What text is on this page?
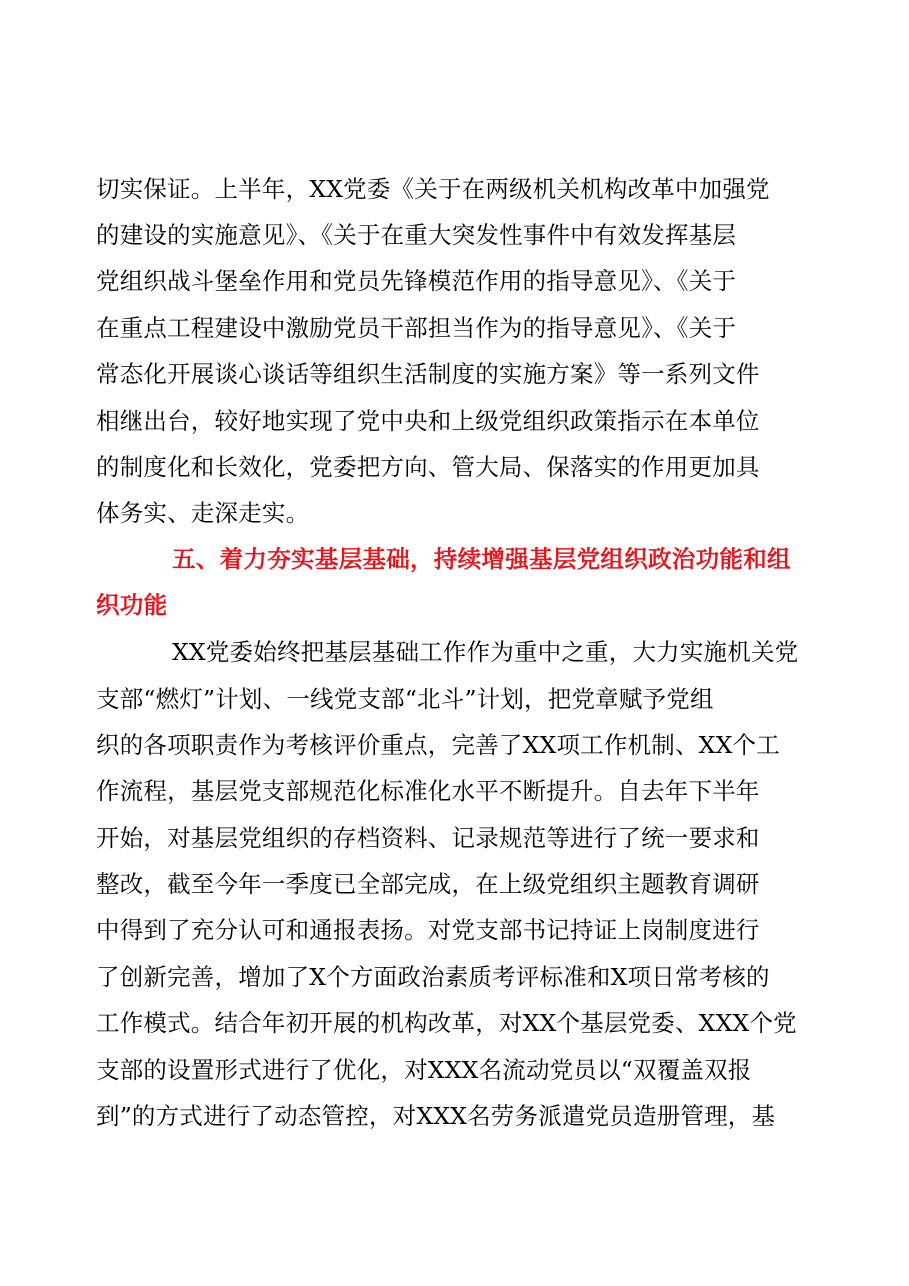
切实保证。上半年，XX党委《关于在两级机关机构改革中加强党
的建设的实施意见》、《关于在重大突发性事件中有效发挥基层
党组织战斗堡垒作用和党员先锋模范作用的指导意见》、《关于
在重点工程建设中激励党员干部担当作为的指导意见》、《关于
常态化开展谈心谈话等组织生活制度的实施方案》等一系列文件
相继出台，较好地实现了党中央和上级党组织政策指示在本单位
的制度化和长效化，党委把方向、管大局、保落实的作用更加具
体务实、走深走实。
五、着力夯实基层基础，持续增强基层党组织政治功能和组
织功能
XX党委始终把基层基础工作作为重中之重，大力实施机关党
支部“燃灯”计划、一线党支部“北斗”计划，把党章赋予党组
织的各项职责作为考核评价重点，完善了XX项工作机制、XX个工
作流程，基层党支部规范化标准化水平不断提升。自去年下半年
开始，对基层党组织的存档资料、记录规范等进行了统一要求和
整改，截至今年一季度已全部完成，在上级党组织主题教育调研
中得到了充分认可和通报表扬。对党支部书记持证上岗制度进行
了创新完善，增加了X个方面政治素质考评标准和X项日常考核的
工作模式。结合年初开展的机构改革，对XX个基层党委、XXX个党
支部的设置形式进行了优化，对XXX名流动党员以“双覆盖双报
到”的方式进行了动态管控，对XXX名劳务派遣党员造册管理，基
